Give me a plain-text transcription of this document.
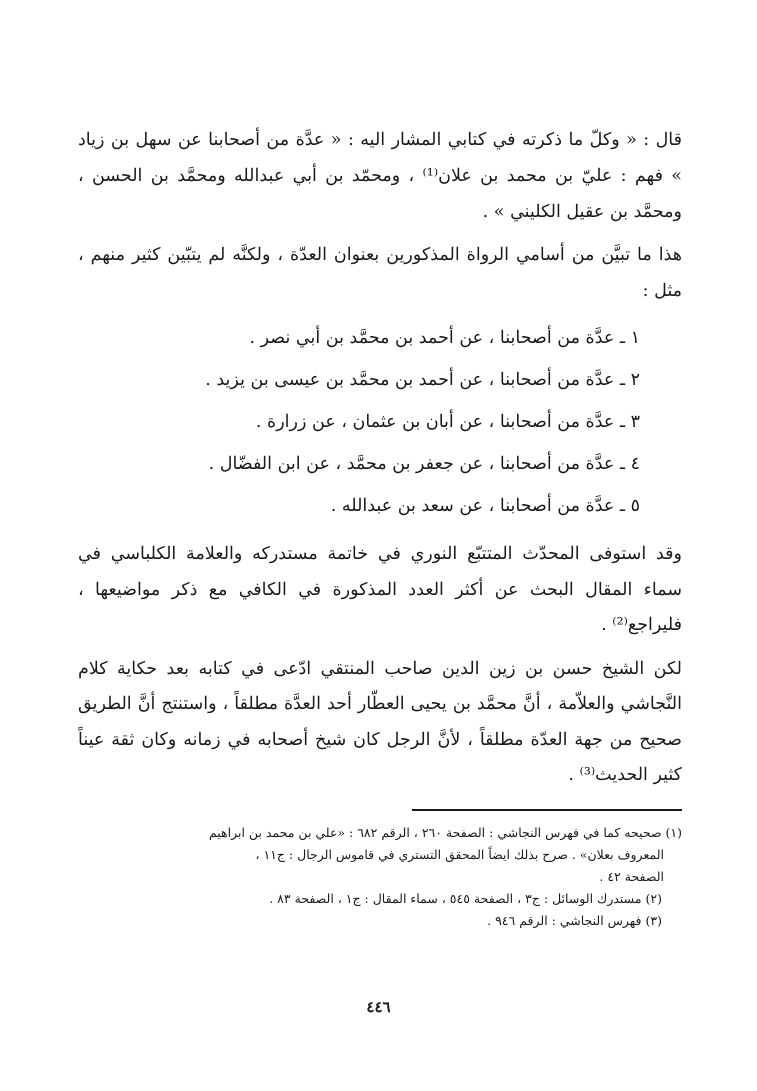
قال : « وكلّ ما ذكرته في كتابي المشار اليه : « عدَّة من أصحابنا عن سهل بن زياد » فهم : عليّ بن محمد بن علان⁽¹⁾ ، ومحمّد بن أبي عبدالله ومحمَّد بن الحسن ، ومحمَّد بن عقيل الكليني » .

هذا ما تبيَّن من أسامي الرواة المذكورين بعنوان العدّة ، ولكنَّه لم يتبّين كثير منهم ، مثل :

١ ـ عدَّة من أصحابنا ، عن أحمد بن محمَّد بن أبي نصر .
٢ ـ عدَّة من أصحابنا ، عن أحمد بن محمَّد بن عيسى بن يزيد .
٣ ـ عدَّة من أصحابنا ، عن أبان بن عثمان ، عن زرارة .
٤ ـ عدَّة من أصحابنا ، عن جعفر بن محمَّد ، عن ابن الفضّال .
٥ ـ عدَّة من أصحابنا ، عن سعد بن عبدالله .

وقد استوفى المحدّث المتتبّع النوري في خاتمة مستدركه والعلامة الكلباسي في سماء المقال البحث عن أكثر العدد المذكورة في الكافي مع ذكر مواضيعها ، فليراجع⁽²⁾ .

لكن الشيخ حسن بن زين الدين صاحب المنتقي ادّعى في كتابه بعد حكاية كلام النَّجاشي والعلاّمة ، أنَّ محمَّد بن يحيى العطّار أحد العدَّة مطلقاً ، واستنتج أنَّ الطريق صحيح من جهة العدّة مطلقاً ، لأنَّ الرجل كان شيخ أصحابه في زمانه وكان ثقة عيناً كثير الحديث⁽³⁾ .

(١) صحيحه كما في فهرس النجاشي : الصفحة ٢٦٠ ، الرقم ٦٨٢ : «علي بن محمد بن ابراهيم
المعروف بعلان» . صرح بذلك ايضاً المحقق التستري في قاموس الرجال : ج١١ ،
الصفحة ٤٢ .

(٢) مستدرك الوسائل : ج٣ ، الصفحة ٥٤٥ ، سماء المقال : ج١ ، الصفحة ٨٣ .

(٣) فهرس النجاشي : الرقم ٩٤٦ .

٤٤٦
